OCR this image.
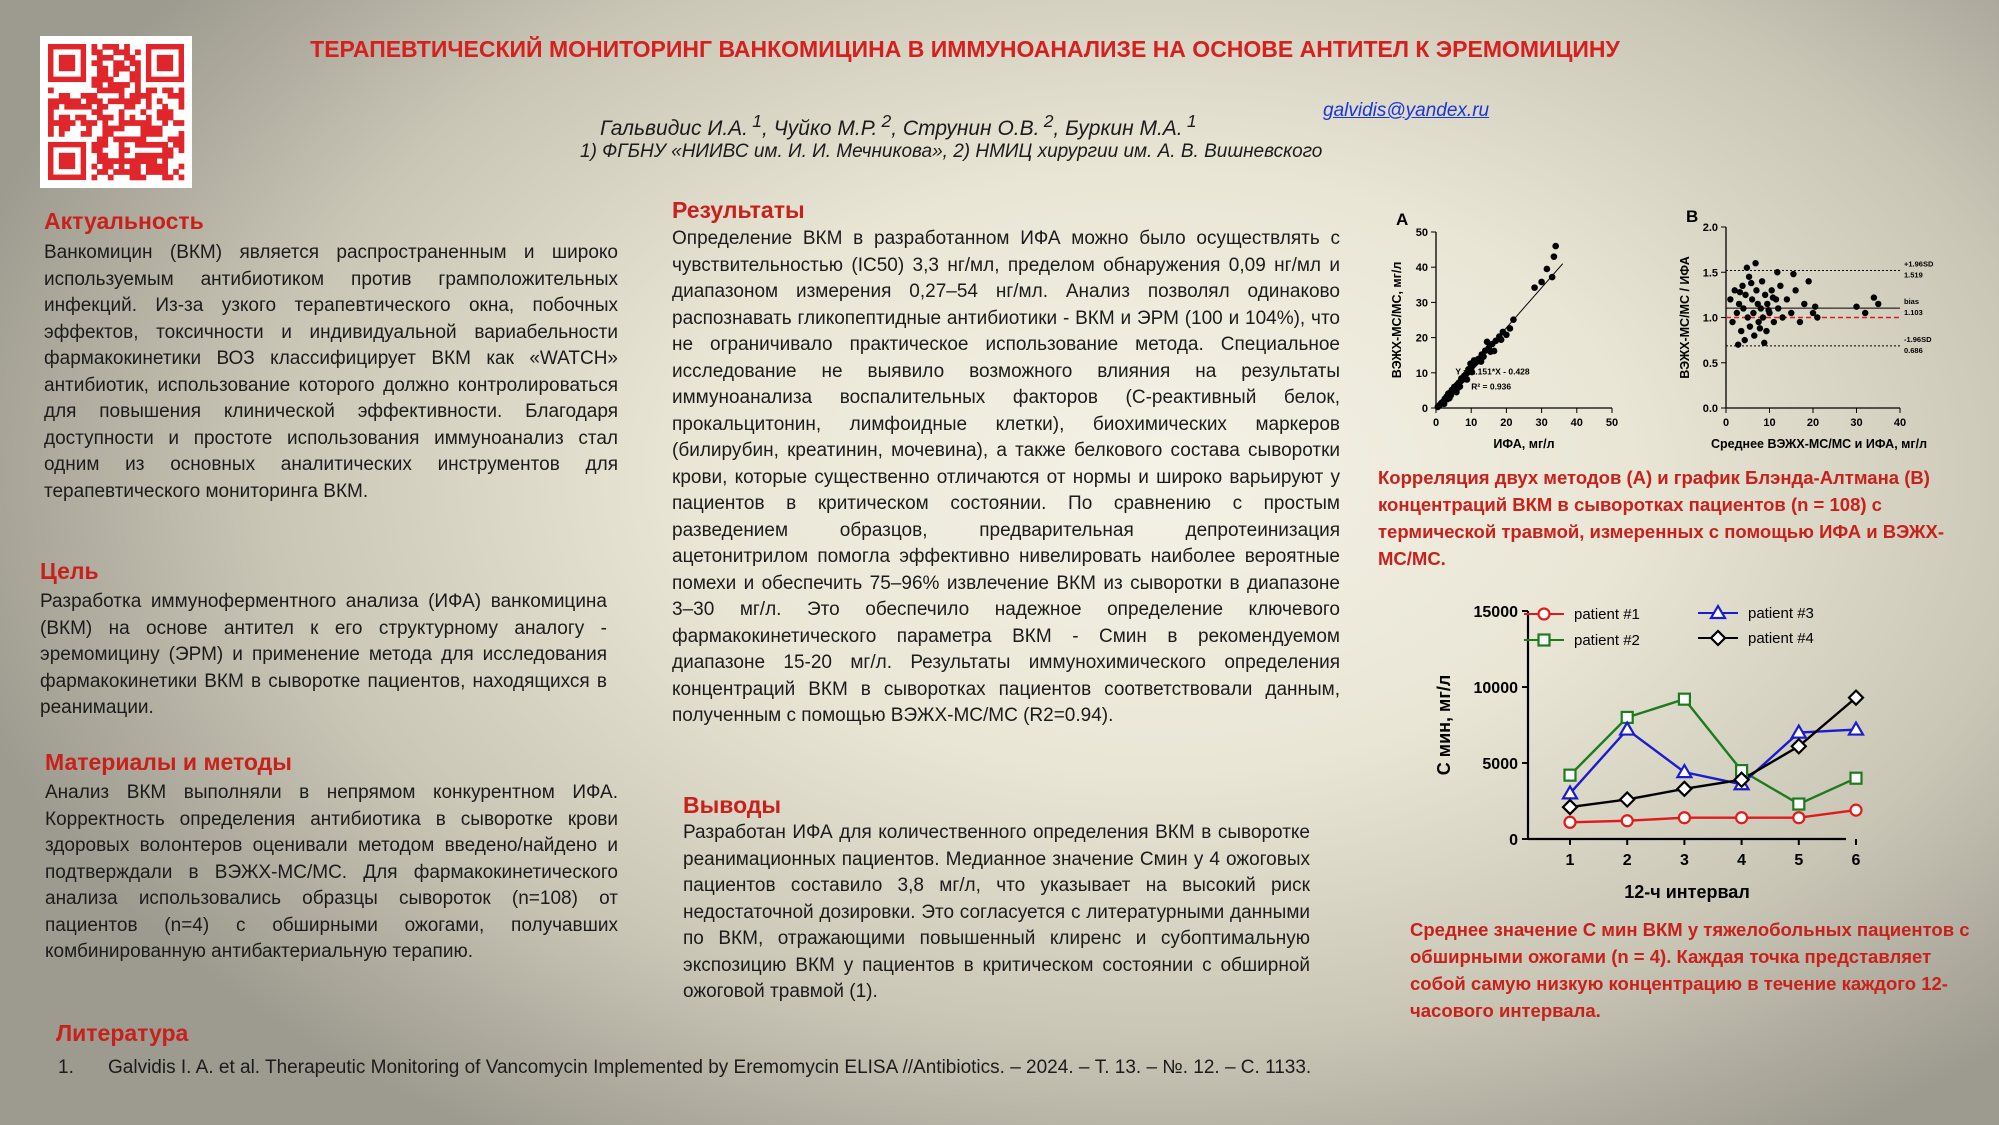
ТЕРАПЕВТИЧЕСКИЙ МОНИТОРИНГ ВАНКОМИЦИНА В ИММУНОАНАЛИЗЕ НА ОСНОВЕ АНТИТЕЛ К ЭРЕМОМИЦИНУ
Гальвидис И.А.  $^1$, Чуйко М.Р.  $^2$, Струнин О.В.  $^2$, Буркин М.А.  $^1$	galvidis@yandex.ru
1) ФГБНУ «НИИВС им. И. И. Мечникова», 2) НМИЦ хирургии им. А. В. Вишневского
Актуальность
Ванкомицин (ВКМ) является распространенным и широко используемым антибиотиком против грамположительных инфекций. Из-за узкого терапевтического окна, побочных эффектов, токсичности и индивидуальной вариабельности фармакокинетики ВОЗ классифицирует ВКМ как «WATCH» антибиотик, использование которого должно контролироваться для повышения клинической эффективности. Благодаря доступности и простоте использования иммуноанализ стал одним из основных аналитических инструментов для терапевтического мониторинга ВКМ.
Цель
Разработка иммуноферментного анализа (ИФА) ванкомицина (ВКМ) на основе антител к его структурному аналогу - эремомицину (ЭРМ) и применение метода для исследования фармакокинетики ВКМ в сыворотке пациентов, находящихся в реанимации.
Материалы и методы
Анализ ВКМ выполняли в непрямом конкурентном ИФА. Корректность определения антибиотика в сыворотке крови здоровых волонтеров оценивали методом введено/найдено и подтверждали в ВЭЖХ-МС/МС. Для фармакокинетического анализа использовались образцы сывороток (n=108) от пациентов (n=4) с обширными ожогами, получавших комбинированную антибактериальную терапию.
Результаты
Определение ВКМ в разработанном ИФА можно было осуществлять с чувствительностью (IC50) 3,3 нг/мл, пределом обнаружения 0,09 нг/мл и диапазоном измерения 0,27–54 нг/мл. Анализ позволял одинаково распознавать гликопептидные антибиотики - ВКМ и ЭРМ (100 и 104%), что не ограничивало практическое использование метода. Специальное исследование не выявило возможного влияния на результаты иммуноанализа воспалительных факторов (С-реактивный белок, прокальцитонин, лимфоидные клетки), биохимических маркеров (билирубин, креатинин, мочевина), а также белкового состава сыворотки крови, которые существенно отличаются от нормы и широко варьируют у пациентов в критическом состоянии. По сравнению с простым разведением образцов, предварительная депротеинизация ацетонитрилом помогла эффективно нивелировать наиболее вероятные помехи и обеспечить 75–96% извлечение ВКМ из сыворотки в диапазоне 3–30 мг/л. Это обеспечило надежное определение ключевого фармакокинетического параметра ВКМ - Cмин в рекомендуемом диапазоне 15-20 мг/л. Результаты иммунохимического определения концентраций ВКМ в сыворотках пациентов соответствовали данным, полученным с помощью ВЭЖХ-МС/МС (R2=0.94).
Выводы
Разработан ИФА для количественного определения ВКМ в сыворотке реанимационных пациентов. Медианное значение Cмин у 4 ожоговых пациентов составило 3,8 мг/л, что указывает на высокий риск недостаточной дозировки. Это согласуется с литературными данными по ВКМ, отражающими повышенный клиренс и субоптимальную экспозицию ВКМ у пациентов в критическом состоянии с обширной ожоговой травмой (1).
Литература
1. Galvidis I. A. et al. Therapeutic Monitoring of Vancomycin Implemented by Eremomycin ELISA //Antibiotics. – 2024. – Т. 13. – №. 12. – С. 1133.
0 10 20 30 40 50
0
10
20
30
40
50
A
Y = 1.151*X - 0.428
R² = 0.936
ИФА, мг/л
ВЭЖХ-МС/МС, мг/л
0	10	20	30	40
0.0
0.5
1.0
1.5
2.0
+1.96SD
1.519
bias
1.103
-1.96SD
0.686
B
Среднее ВЭЖХ-МС/МС и ИФА, мг/л
ВЭЖХ-МС/МС / ИФА
Корреляция двух методов (А) и график Блэнда-Алтмана (B) концентраций ВКМ в сыворотках пациентов (n = 108) с термической травмой, измеренных с помощью ИФА и ВЭЖХ-МС/МС.
1	2	3	4	5	6
0
5000
10000
15000
12-ч интервал
C мин, мг/л
patient #1
patient #2
patient #3
patient #4
Среднее значение C мин ВКМ у тяжелобольных пациентов с обширными ожогами (n = 4). Каждая точка представляет собой самую низкую концентрацию в течение каждого 12-часового интервала.
